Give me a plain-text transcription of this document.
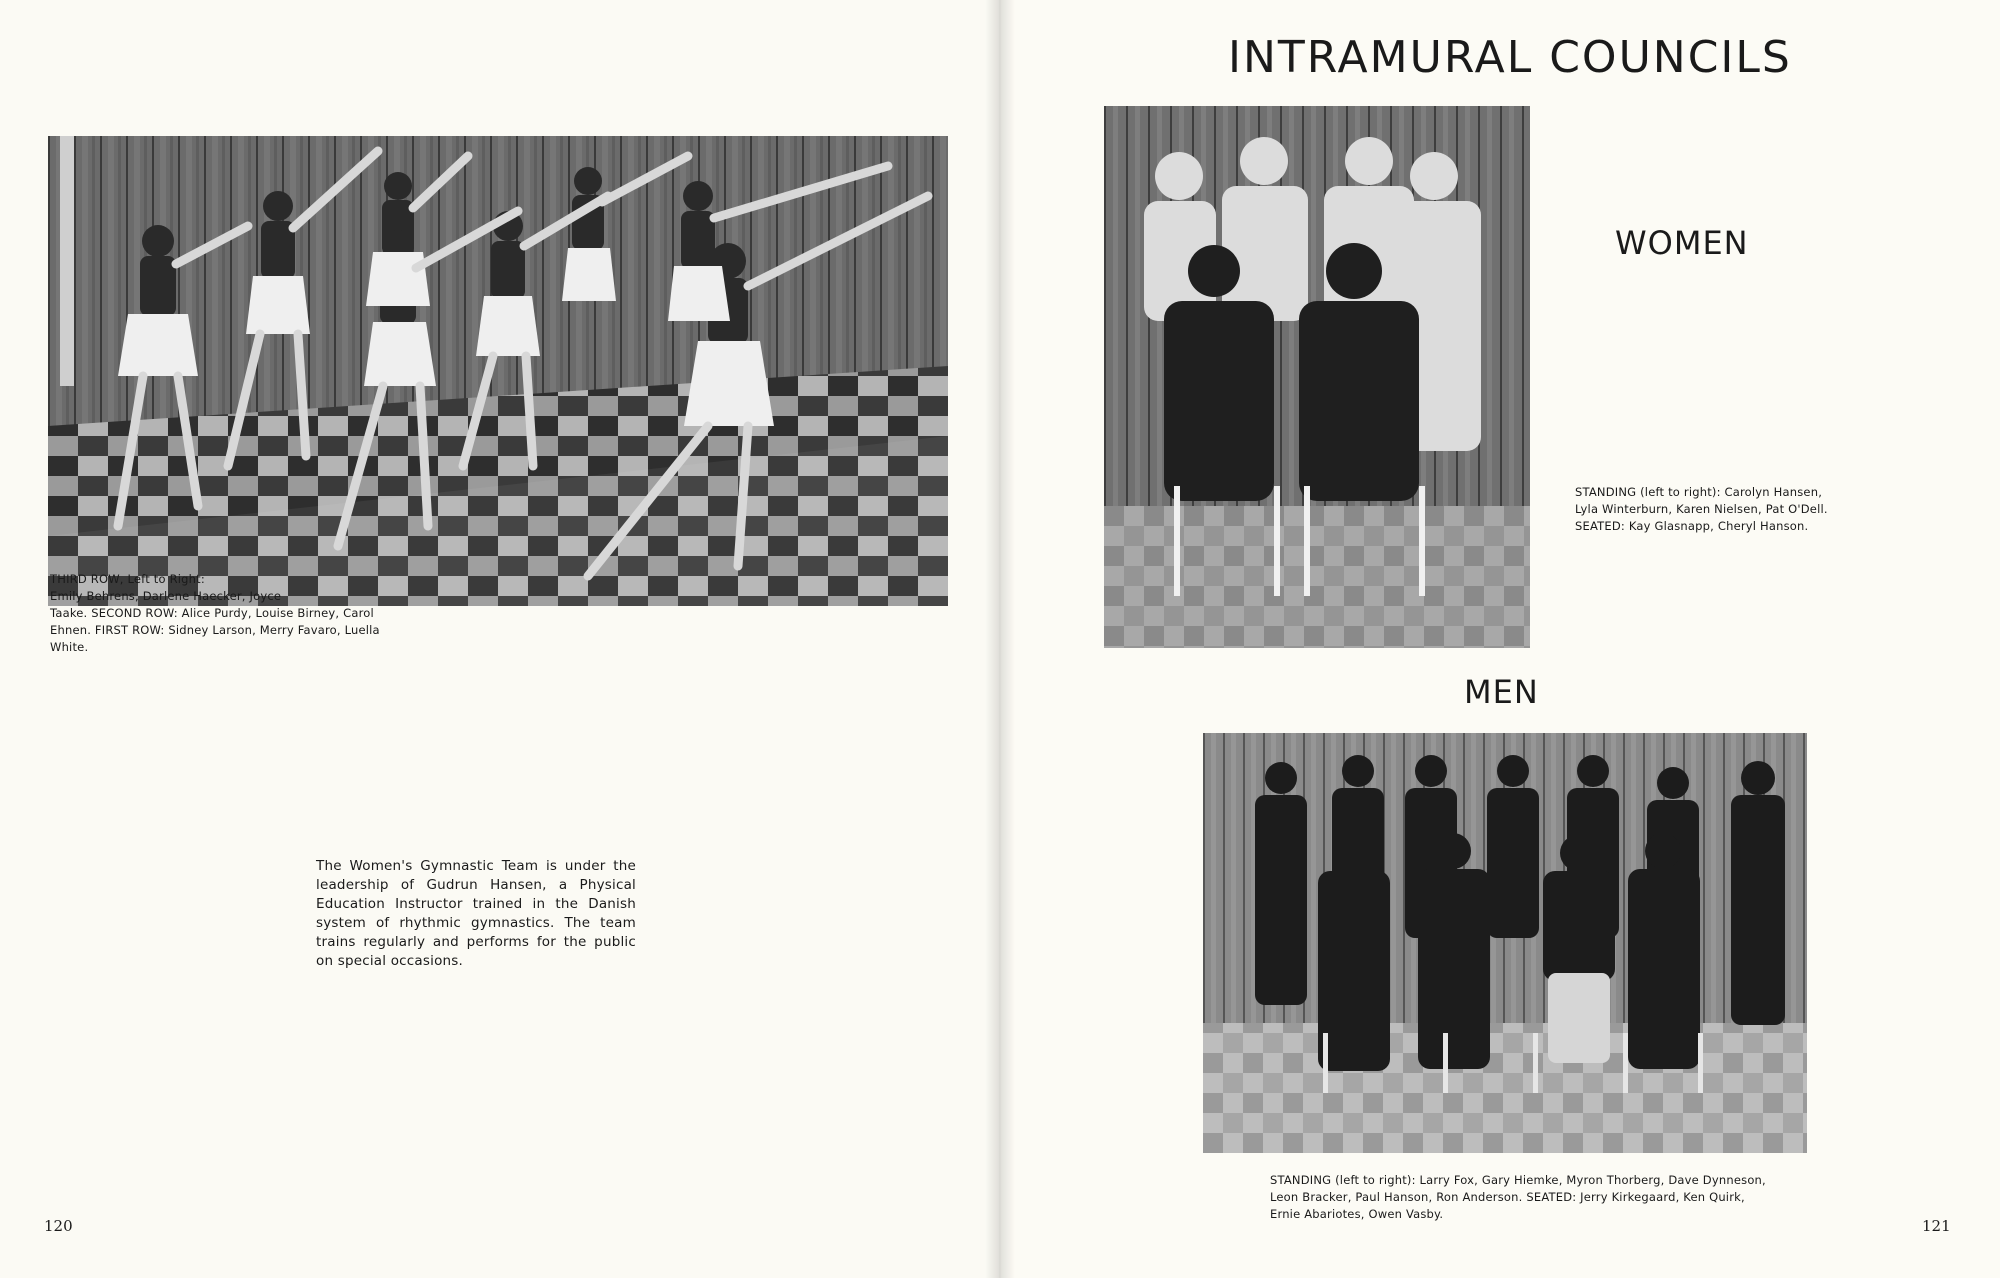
THIRD ROW, Left to Right:

Emily Behrens, Darlene Haecker, Joyce

Taake. SECOND ROW: Alice Purdy, Louise Birney, Carol

Ehnen. FIRST ROW: Sidney Larson, Merry Favaro, Luella White.

The Women's Gymnastic Team is under the leadership of Gudrun Hansen, a Physical Education Instructor trained in the Danish system of rhythmic gymnastics. The team trains regularly and performs for the public on special occasions.

120
INTRAMURAL COUNCILS
WOMEN

STANDING (left to right): Carolyn Hansen,

Lyla Winterburn, Karen Nielsen, Pat O'Dell.

SEATED: Kay Glasnapp, Cheryl Hanson.

MEN

STANDING (left to right): Larry Fox, Gary Hiemke, Myron Thorberg, Dave Dynneson,

Leon Bracker, Paul Hanson, Ron Anderson. SEATED: Jerry Kirkegaard, Ken Quirk,

Ernie Abariotes, Owen Vasby.

121
